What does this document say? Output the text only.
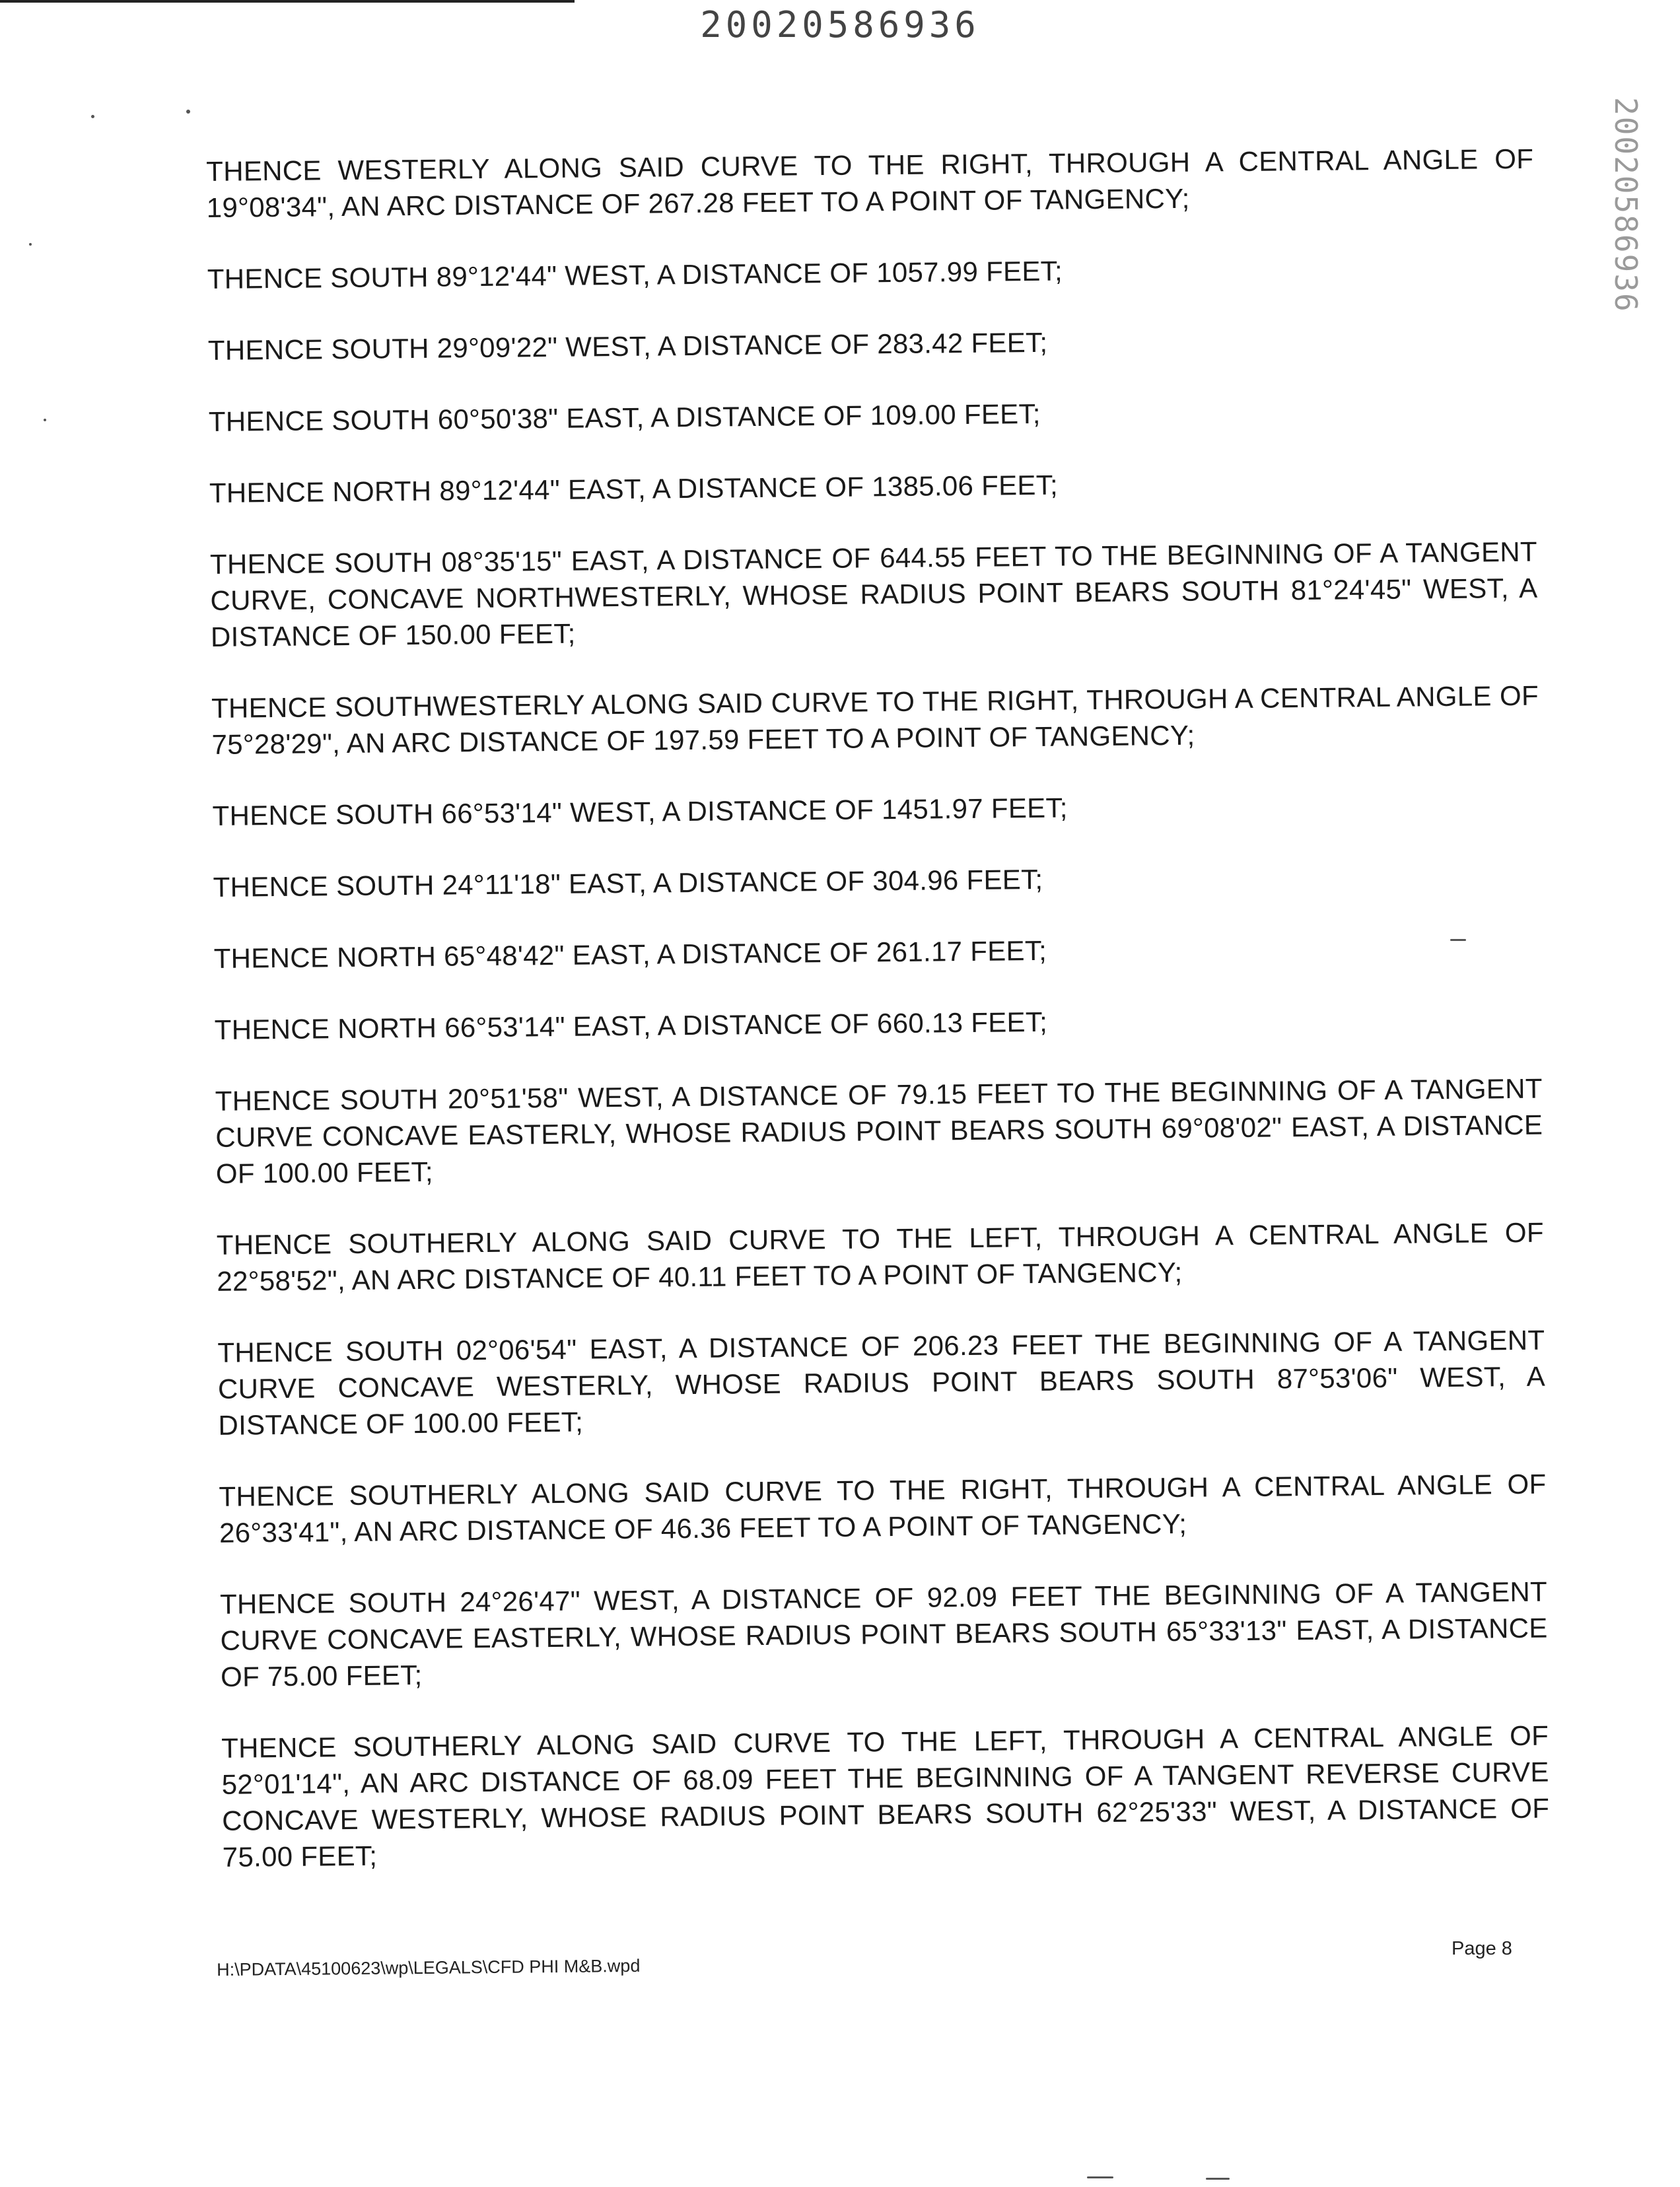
20020586936
20020586936

THENCE WESTERLY ALONG SAID CURVE TO THE RIGHT, THROUGH A CENTRAL ANGLE OF 19°08'34", AN ARC DISTANCE OF 267.28 FEET TO A POINT OF TANGENCY;

THENCE SOUTH 89°12'44" WEST, A DISTANCE OF 1057.99 FEET;

THENCE SOUTH 29°09'22" WEST, A DISTANCE OF 283.42 FEET;

THENCE SOUTH 60°50'38" EAST, A DISTANCE OF 109.00 FEET;

THENCE NORTH 89°12'44" EAST, A DISTANCE OF 1385.06 FEET;

THENCE SOUTH 08°35'15" EAST, A DISTANCE OF 644.55 FEET TO THE BEGINNING OF A TANGENT CURVE, CONCAVE NORTHWESTERLY, WHOSE RADIUS POINT BEARS SOUTH 81°24'45" WEST, A DISTANCE OF 150.00 FEET;

THENCE SOUTHWESTERLY ALONG SAID CURVE TO THE RIGHT, THROUGH A CENTRAL ANGLE OF 75°28'29", AN ARC DISTANCE OF 197.59 FEET TO A POINT OF TANGENCY;

THENCE SOUTH 66°53'14" WEST, A DISTANCE OF 1451.97 FEET;

THENCE SOUTH 24°11'18" EAST, A DISTANCE OF 304.96 FEET;

THENCE NORTH 65°48'42" EAST, A DISTANCE OF 261.17 FEET;

THENCE NORTH 66°53'14" EAST, A DISTANCE OF 660.13 FEET;

THENCE SOUTH 20°51'58" WEST, A DISTANCE OF 79.15 FEET TO THE BEGINNING OF A TANGENT CURVE CONCAVE EASTERLY, WHOSE RADIUS POINT BEARS SOUTH 69°08'02" EAST, A DISTANCE OF 100.00 FEET;

THENCE SOUTHERLY ALONG SAID CURVE TO THE LEFT, THROUGH A CENTRAL ANGLE OF 22°58'52", AN ARC DISTANCE OF 40.11 FEET TO A POINT OF TANGENCY;

THENCE SOUTH 02°06'54" EAST, A DISTANCE OF 206.23 FEET THE BEGINNING OF A TANGENT CURVE CONCAVE WESTERLY, WHOSE RADIUS POINT BEARS SOUTH 87°53'06" WEST, A DISTANCE OF 100.00 FEET;

THENCE SOUTHERLY ALONG SAID CURVE TO THE RIGHT, THROUGH A CENTRAL ANGLE OF 26°33'41", AN ARC DISTANCE OF 46.36 FEET TO A POINT OF TANGENCY;

THENCE SOUTH 24°26'47" WEST, A DISTANCE OF 92.09 FEET THE BEGINNING OF A TANGENT CURVE CONCAVE EASTERLY, WHOSE RADIUS POINT BEARS SOUTH 65°33'13" EAST, A DISTANCE OF 75.00 FEET;

THENCE SOUTHERLY ALONG SAID CURVE TO THE LEFT, THROUGH A CENTRAL ANGLE OF 52°01'14", AN ARC DISTANCE OF 68.09 FEET THE BEGINNING OF A TANGENT REVERSE CURVE CONCAVE WESTERLY, WHOSE RADIUS POINT BEARS SOUTH 62°25'33" WEST, A DISTANCE OF 75.00 FEET;

H:\PDATA\45100623\wp\LEGALS\CFD PHI M&B.wpd
Page 8
